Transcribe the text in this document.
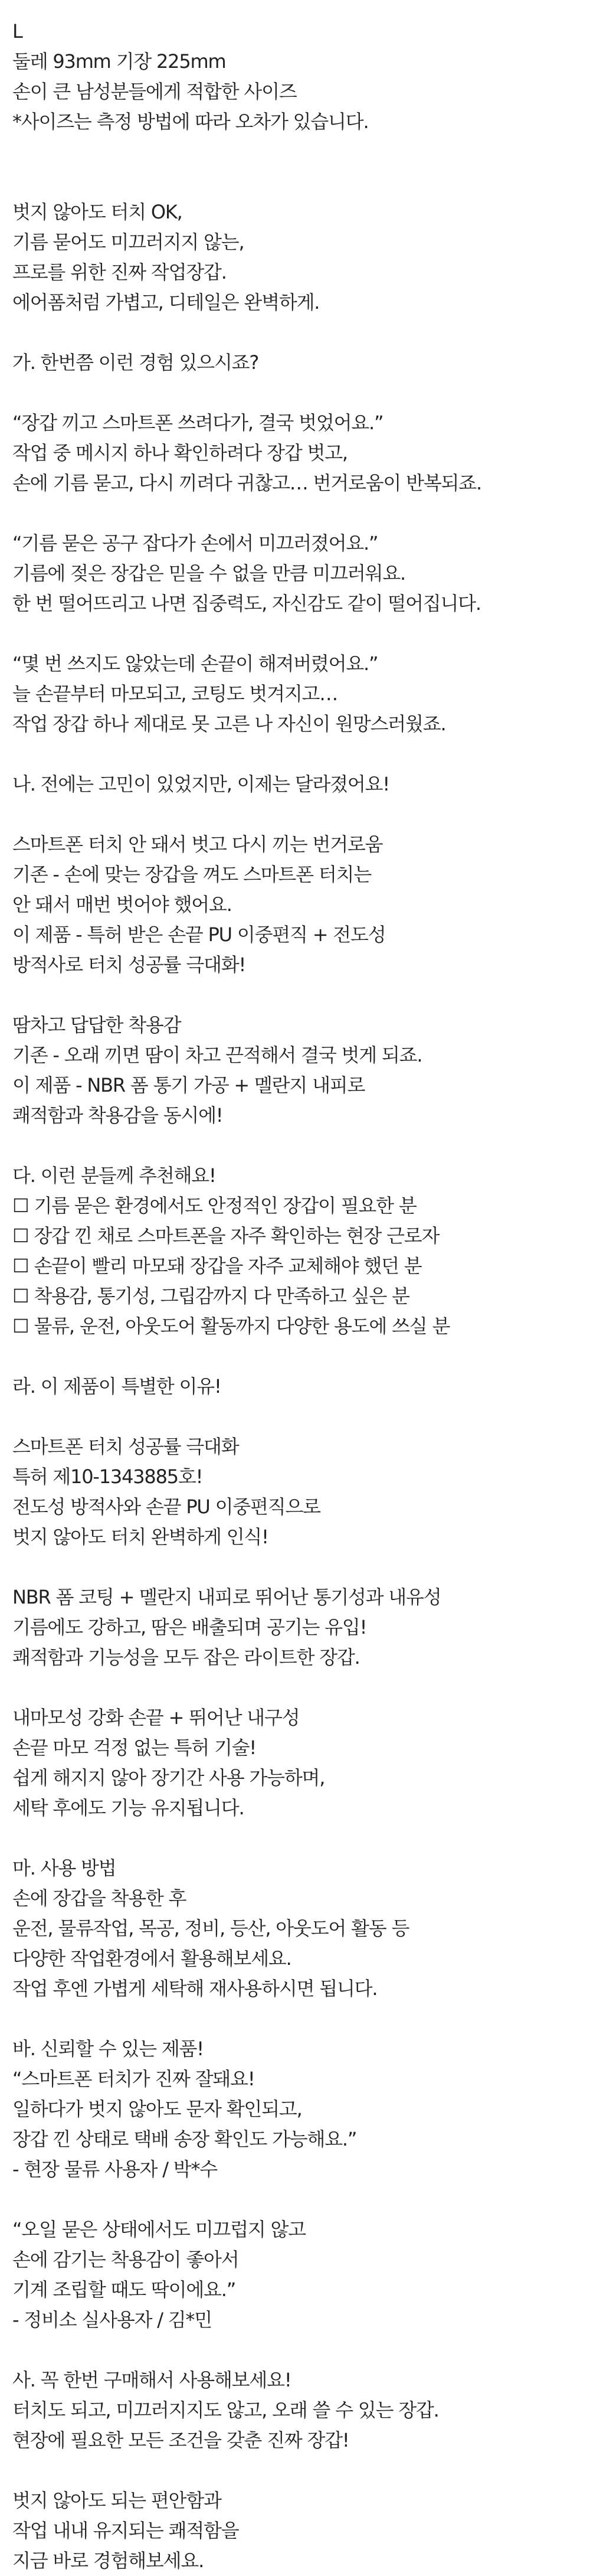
L
둘레 93mm 기장 225mm
손이 큰 남성분들에게 적합한 사이즈
*사이즈는 측정 방법에 따라 오차가 있습니다.
벗지 않아도 터치 OK,
기름 묻어도 미끄러지지 않는,
프로를 위한 진짜 작업장갑.
에어폼처럼 가볍고, 디테일은 완벽하게.
가. 한번쯤 이런 경험 있으시죠?
“장갑 끼고 스마트폰 쓰려다가, 결국 벗었어요.”
작업 중 메시지 하나 확인하려다 장갑 벗고,
손에 기름 묻고, 다시 끼려다 귀찮고… 번거로움이 반복되죠.
“기름 묻은 공구 잡다가 손에서 미끄러졌어요.”
기름에 젖은 장갑은 믿을 수 없을 만큼 미끄러워요.
한 번 떨어뜨리고 나면 집중력도, 자신감도 같이 떨어집니다.
“몇 번 쓰지도 않았는데 손끝이 해져버렸어요.”
늘 손끝부터 마모되고, 코팅도 벗겨지고…
작업 장갑 하나 제대로 못 고른 나 자신이 원망스러웠죠.
나. 전에는 고민이 있었지만, 이제는 달라졌어요!
스마트폰 터치 안 돼서 벗고 다시 끼는 번거로움
기존 - 손에 맞는 장갑을 껴도 스마트폰 터치는
안 돼서 매번 벗어야 했어요.
이 제품 - 특허 받은 손끝 PU 이중편직 + 전도성
방적사로 터치 성공률 극대화!
땀차고 답답한 착용감
기존 - 오래 끼면 땀이 차고 끈적해서 결국 벗게 되죠.
이 제품 - NBR 폼 통기 가공 + 멜란지 내피로
쾌적함과 착용감을 동시에!
다. 이런 분들께 추천해요!
☐ 기름 묻은 환경에서도 안정적인 장갑이 필요한 분
☐ 장갑 낀 채로 스마트폰을 자주 확인하는 현장 근로자
☐ 손끝이 빨리 마모돼 장갑을 자주 교체해야 했던 분
☐ 착용감, 통기성, 그립감까지 다 만족하고 싶은 분
☐ 물류, 운전, 아웃도어 활동까지 다양한 용도에 쓰실 분
라. 이 제품이 특별한 이유!
스마트폰 터치 성공률 극대화
특허 제10-1343885호!
전도성 방적사와 손끝 PU 이중편직으로
벗지 않아도 터치 완벽하게 인식!
NBR 폼 코팅 + 멜란지 내피로 뛰어난 통기성과 내유성
기름에도 강하고, 땀은 배출되며 공기는 유입!
쾌적함과 기능성을 모두 잡은 라이트한 장갑.
내마모성 강화 손끝 + 뛰어난 내구성
손끝 마모 걱정 없는 특허 기술!
쉽게 해지지 않아 장기간 사용 가능하며,
세탁 후에도 기능 유지됩니다.
마. 사용 방법
손에 장갑을 착용한 후
운전, 물류작업, 목공, 정비, 등산, 아웃도어 활동 등
다양한 작업환경에서 활용해보세요.
작업 후엔 가볍게 세탁해 재사용하시면 됩니다.
바. 신뢰할 수 있는 제품!
“스마트폰 터치가 진짜 잘돼요!
일하다가 벗지 않아도 문자 확인되고,
장갑 낀 상태로 택배 송장 확인도 가능해요.”
- 현장 물류 사용자 / 박*수
“오일 묻은 상태에서도 미끄럽지 않고
손에 감기는 착용감이 좋아서
기계 조립할 때도 딱이에요.”
- 정비소 실사용자 / 김*민
사. 꼭 한번 구매해서 사용해보세요!
터치도 되고, 미끄러지지도 않고, 오래 쓸 수 있는 장갑.
현장에 필요한 모든 조건을 갖춘 진짜 장갑!
벗지 않아도 되는 편안함과
작업 내내 유지되는 쾌적함을
지금 바로 경험해보세요.
